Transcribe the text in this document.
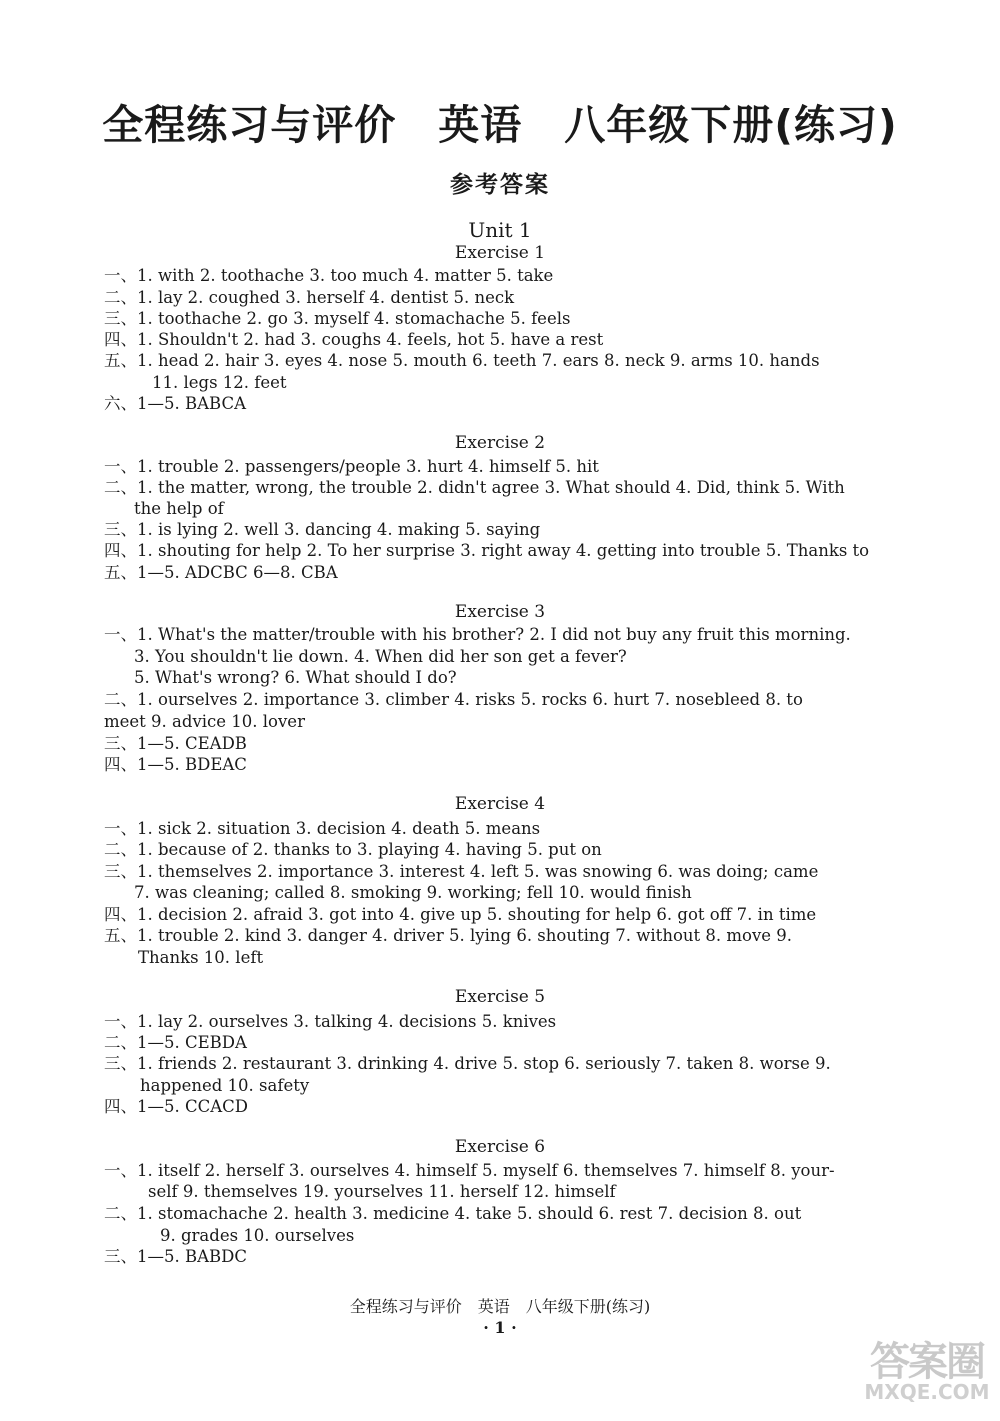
全程练习与评价　英语　八年级下册(练习)
参考答案
Unit 1
Exercise 1
一、1. with 2. toothache 3. too much 4. matter 5. take
二、1. lay 2. coughed 3. herself 4. dentist 5. neck
三、1. toothache 2. go 3. myself 4. stomachache 5. feels
四、1. Shouldn't 2. had 3. coughs 4. feels, hot 5. have a rest
五、1. head 2. hair 3. eyes 4. nose 5. mouth 6. teeth 7. ears 8. neck 9. arms 10. hands
11. legs 12. feet
六、1—5. BABCA
Exercise 2
一、1. trouble 2. passengers/people 3. hurt 4. himself 5. hit
二、1. the matter, wrong, the trouble 2. didn't agree 3. What should 4. Did, think 5. With
the help of
三、1. is lying 2. well 3. dancing 4. making 5. saying
四、1. shouting for help 2. To her surprise 3. right away 4. getting into trouble 5. Thanks to
五、1—5. ADCBC 6—8. CBA
Exercise 3
一、1. What's the matter/trouble with his brother? 2. I did not buy any fruit this morning.
3. You shouldn't lie down. 4. When did her son get a fever?
5. What's wrong? 6. What should I do?
二、1. ourselves 2. importance 3. climber 4. risks 5. rocks 6. hurt 7. nosebleed 8. to
meet 9. advice 10. lover
三、1—5. CEADB
四、1—5. BDEAC
Exercise 4
一、1. sick 2. situation 3. decision 4. death 5. means
二、1. because of 2. thanks to 3. playing 4. having 5. put on
三、1. themselves 2. importance 3. interest 4. left 5. was snowing 6. was doing; came
7. was cleaning; called 8. smoking 9. working; fell 10. would finish
四、1. decision 2. afraid 3. got into 4. give up 5. shouting for help 6. got off 7. in time
五、1. trouble 2. kind 3. danger 4. driver 5. lying 6. shouting 7. without 8. move 9.
Thanks 10. left
Exercise 5
一、1. lay 2. ourselves 3. talking 4. decisions 5. knives
二、1—5. CEBDA
三、1. friends 2. restaurant 3. drinking 4. drive 5. stop 6. seriously 7. taken 8. worse 9.
happened 10. safety
四、1—5. CCACD
Exercise 6
一、1. itself 2. herself 3. ourselves 4. himself 5. myself 6. themselves 7. himself 8. your-
self 9. themselves 19. yourselves 11. herself 12. himself
二、1. stomachache 2. health 3. medicine 4. take 5. should 6. rest 7. decision 8. out
9. grades 10. ourselves
三、1—5. BABDC
全程练习与评价　英语　八年级下册(练习)
· 1 ·
答案圈
MXQE.COM
